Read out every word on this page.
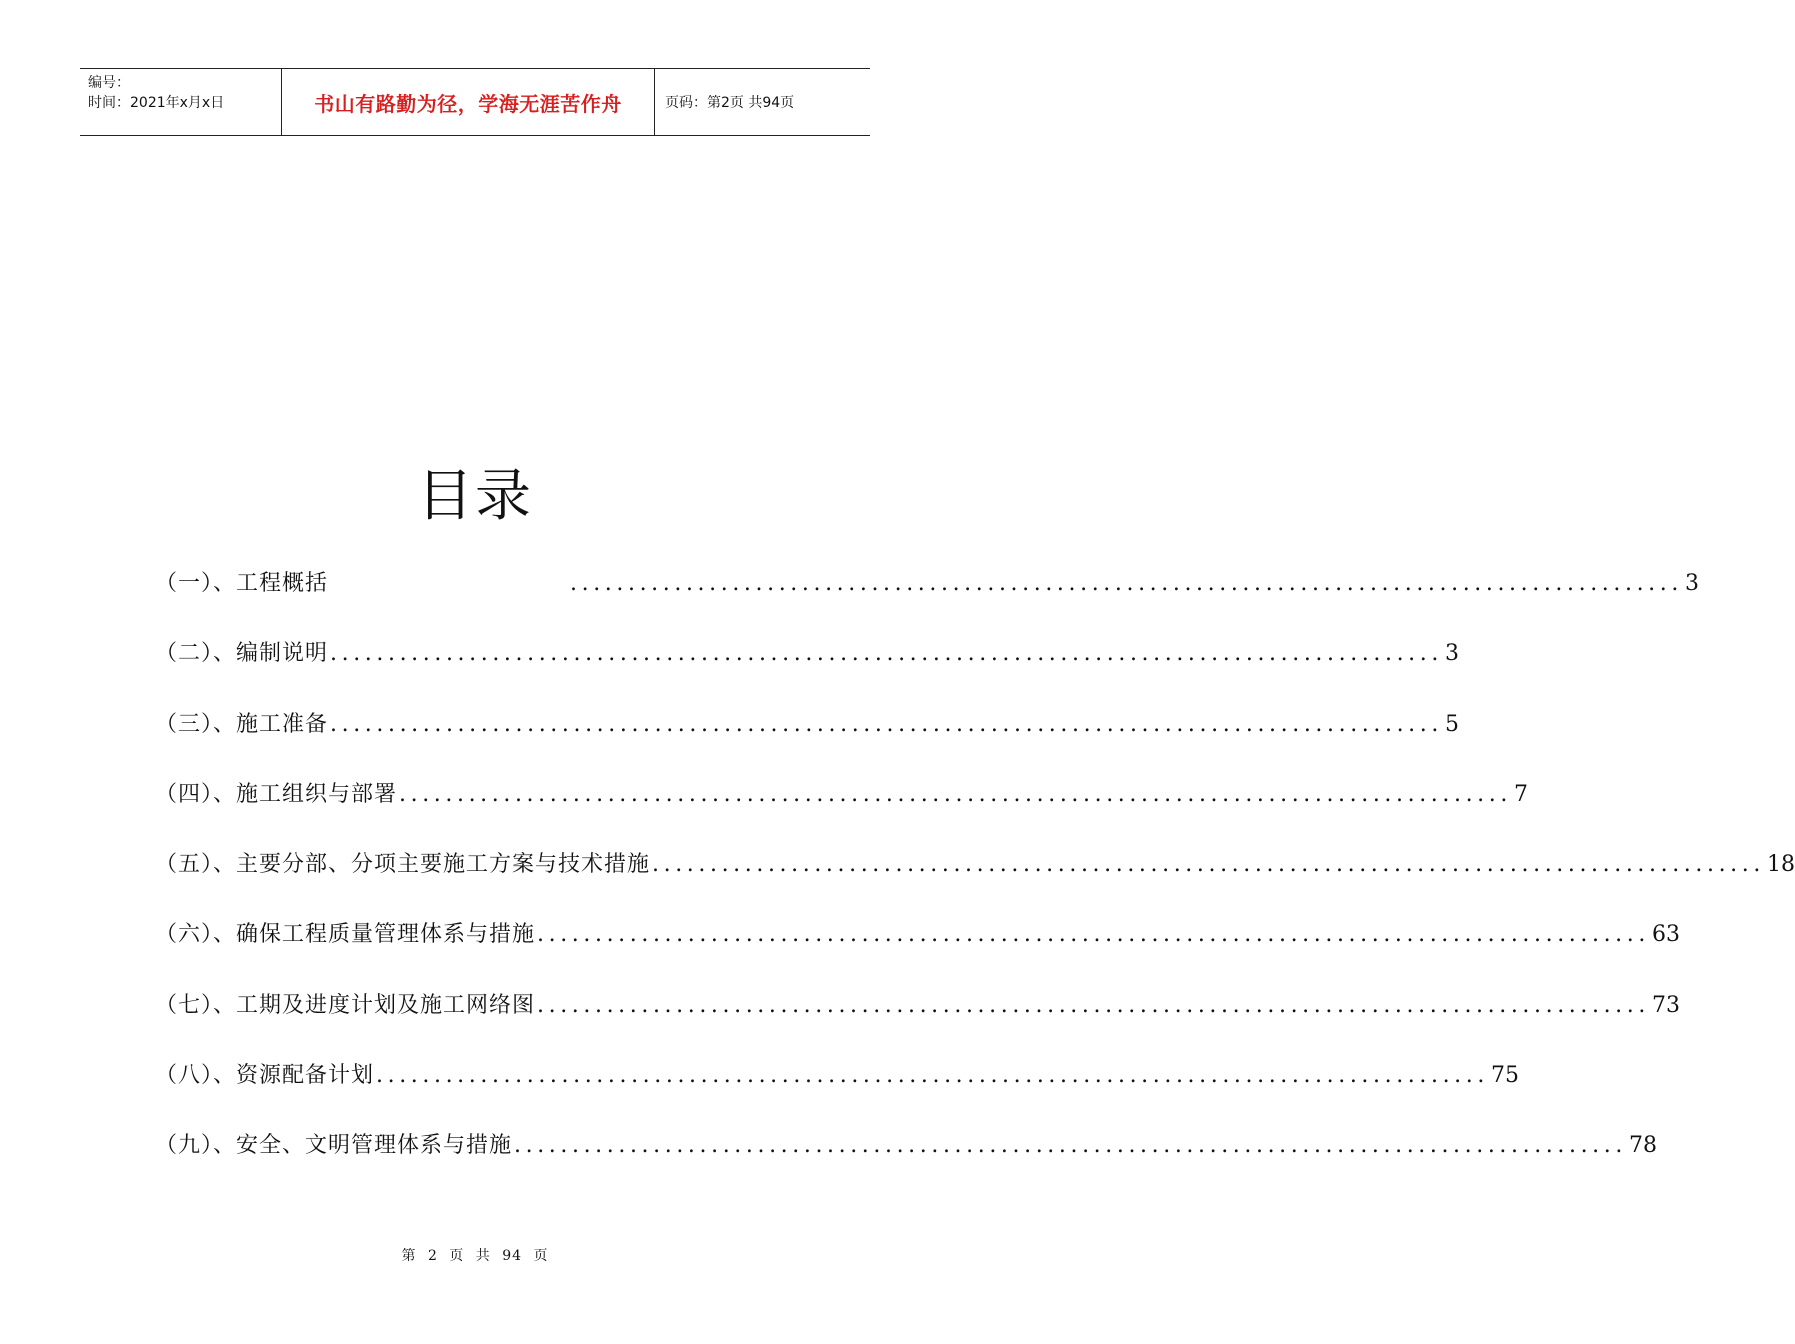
编号：
时间：2021年x月x日	书山有路勤为径，学海无涯苦作舟	页码：第2页 共94页
目录
（一）、工程概括	................................................................................................ 3
（二）、编制说明 ................................................................................................ 3
（三）、施工准备 ................................................................................................ 5
（四）、施工组织与部署 ................................................................................................ 7
（五）、主要分部、分项主要施工方案与技术措施 ................................................................................................ 18
（六）、确保工程质量管理体系与措施 ................................................................................................ 63
（七）、工期及进度计划及施工网络图 ................................................................................................ 73
（八）、资源配备计划 ................................................................................................ 75
（九）、安全、文明管理体系与措施 ................................................................................................ 78
第 2 页 共 94 页
